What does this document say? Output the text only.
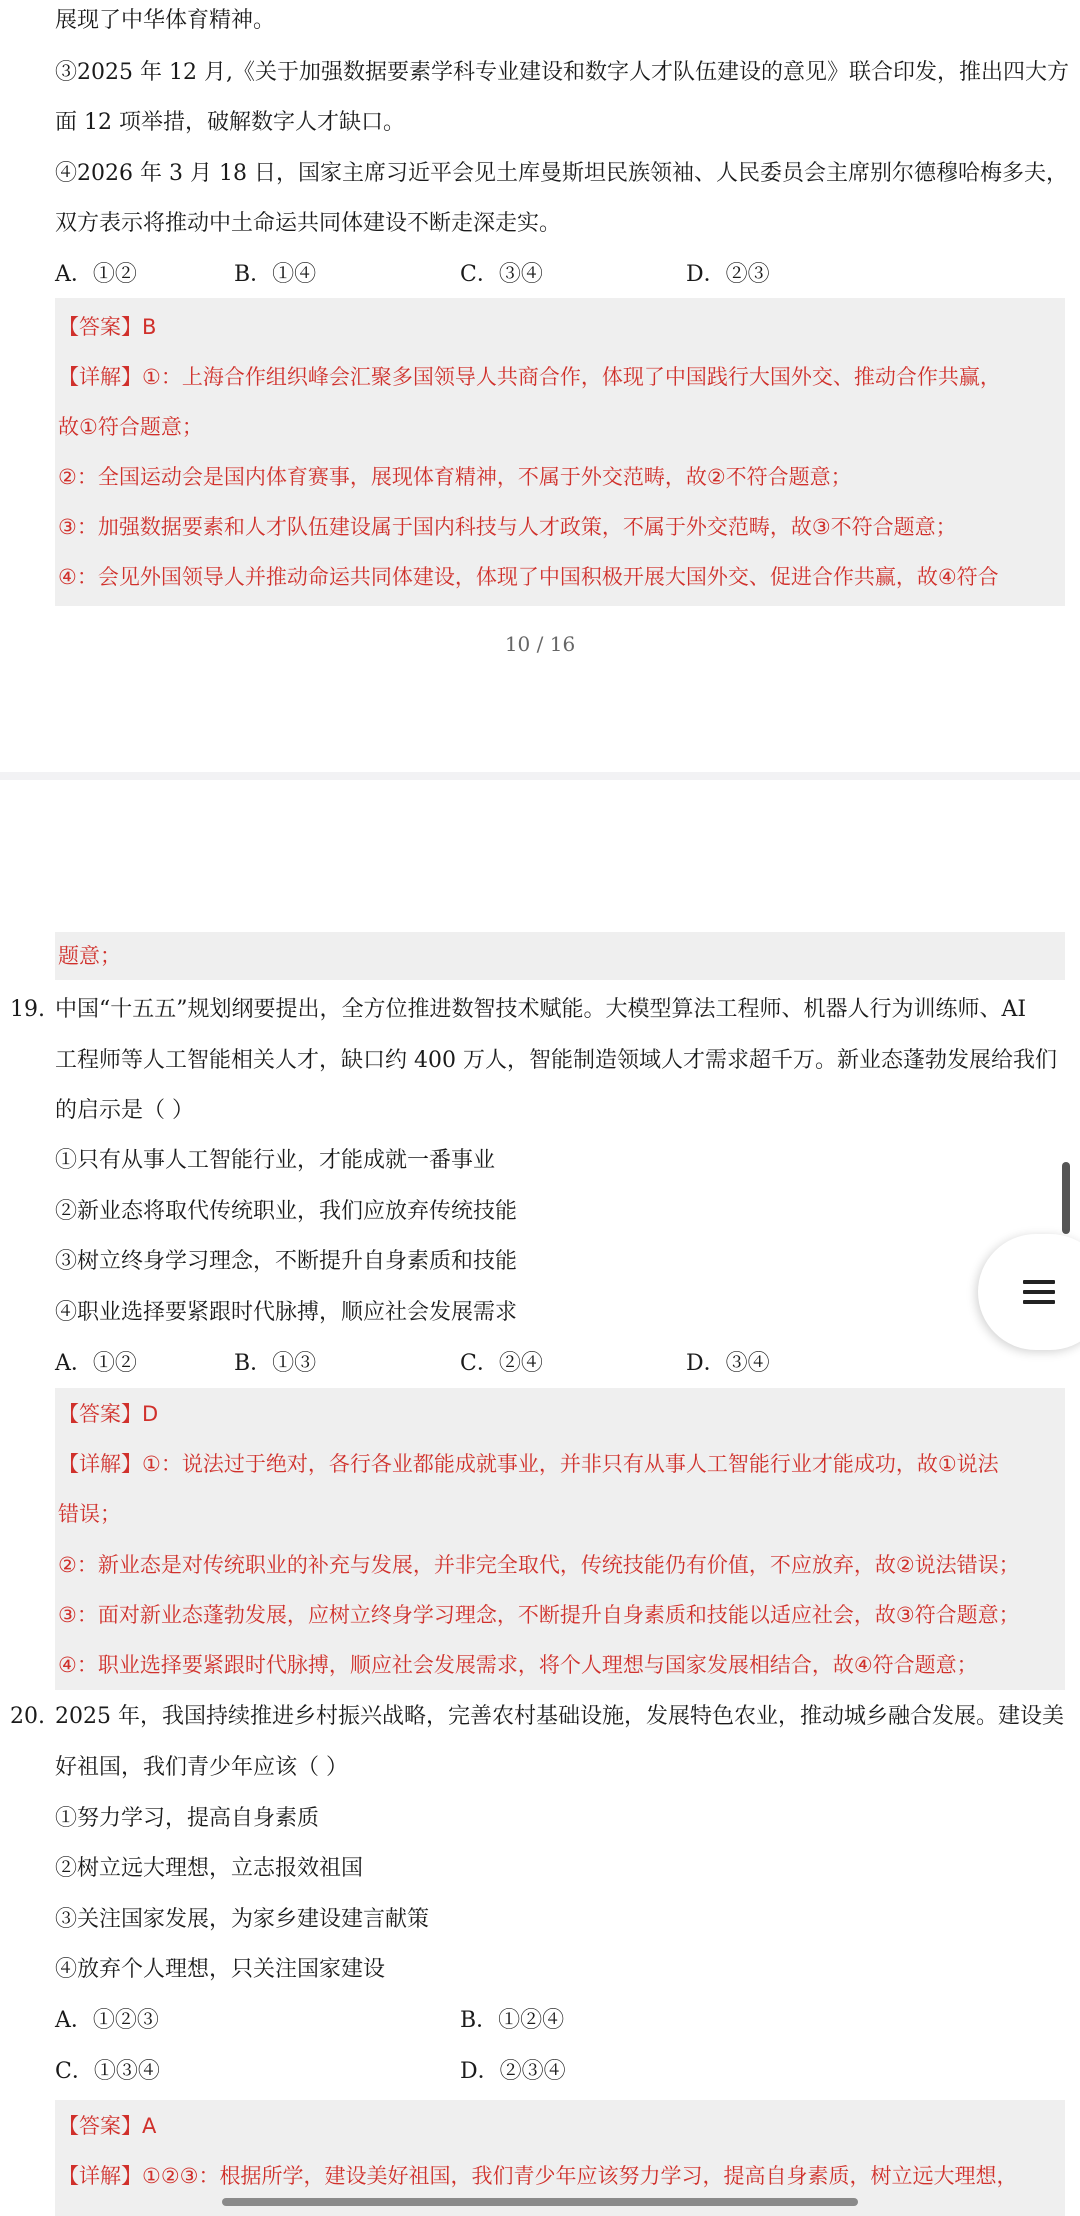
展现了中华体育精神。
③2025 年 12 月,《关于加强数据要素学科专业建设和数字人才队伍建设的意见》联合印发，推出四大方
面 12 项举措，破解数字人才缺口。
④2026 年 3 月 18 日，国家主席习近平会见土库曼斯坦民族领袖、人民委员会主席别尔德穆哈梅多夫，
双方表示将推动中土命运共同体建设不断走深走实。
A．①②	B．①④	C．③④	D．②③
【答案】B
【详解】①：上海合作组织峰会汇聚多国领导人共商合作，体现了中国践行大国外交、推动合作共赢，
故①符合题意；
②：全国运动会是国内体育赛事，展现体育精神，不属于外交范畴，故②不符合题意；
③：加强数据要素和人才队伍建设属于国内科技与人才政策，不属于外交范畴，故③不符合题意；
④：会见外国领导人并推动命运共同体建设，体现了中国积极开展大国外交、促进合作共赢，故④符合
10 / 16
题意；
19. 中国“十五五”规划纲要提出，全方位推进数智技术赋能。大模型算法工程师、机器人行为训练师、AI
工程师等人工智能相关人才，缺口约 400 万人，智能制造领域人才需求超千万。新业态蓬勃发展给我们
的启示是（ ）
①只有从事人工智能行业，才能成就一番事业
②新业态将取代传统职业，我们应放弃传统技能
③树立终身学习理念，不断提升自身素质和技能
④职业选择要紧跟时代脉搏，顺应社会发展需求
A．①②	B．①③	C．②④	D．③④
【答案】D
【详解】①：说法过于绝对，各行各业都能成就事业，并非只有从事人工智能行业才能成功，故①说法
错误；
②：新业态是对传统职业的补充与发展，并非完全取代，传统技能仍有价值，不应放弃，故②说法错误；
③：面对新业态蓬勃发展，应树立终身学习理念，不断提升自身素质和技能以适应社会，故③符合题意；
④：职业选择要紧跟时代脉搏，顺应社会发展需求，将个人理想与国家发展相结合，故④符合题意；
20. 2025 年，我国持续推进乡村振兴战略，完善农村基础设施，发展特色农业，推动城乡融合发展。建设美
好祖国，我们青少年应该（ ）
①努力学习，提高自身素质
②树立远大理想，立志报效祖国
③关注国家发展，为家乡建设建言献策
④放弃个人理想，只关注国家建设
A．①②③	B．①②④
C．①③④	D．②③④
【答案】A
【详解】①②③：根据所学，建设美好祖国，我们青少年应该努力学习，提高自身素质，树立远大理想，
